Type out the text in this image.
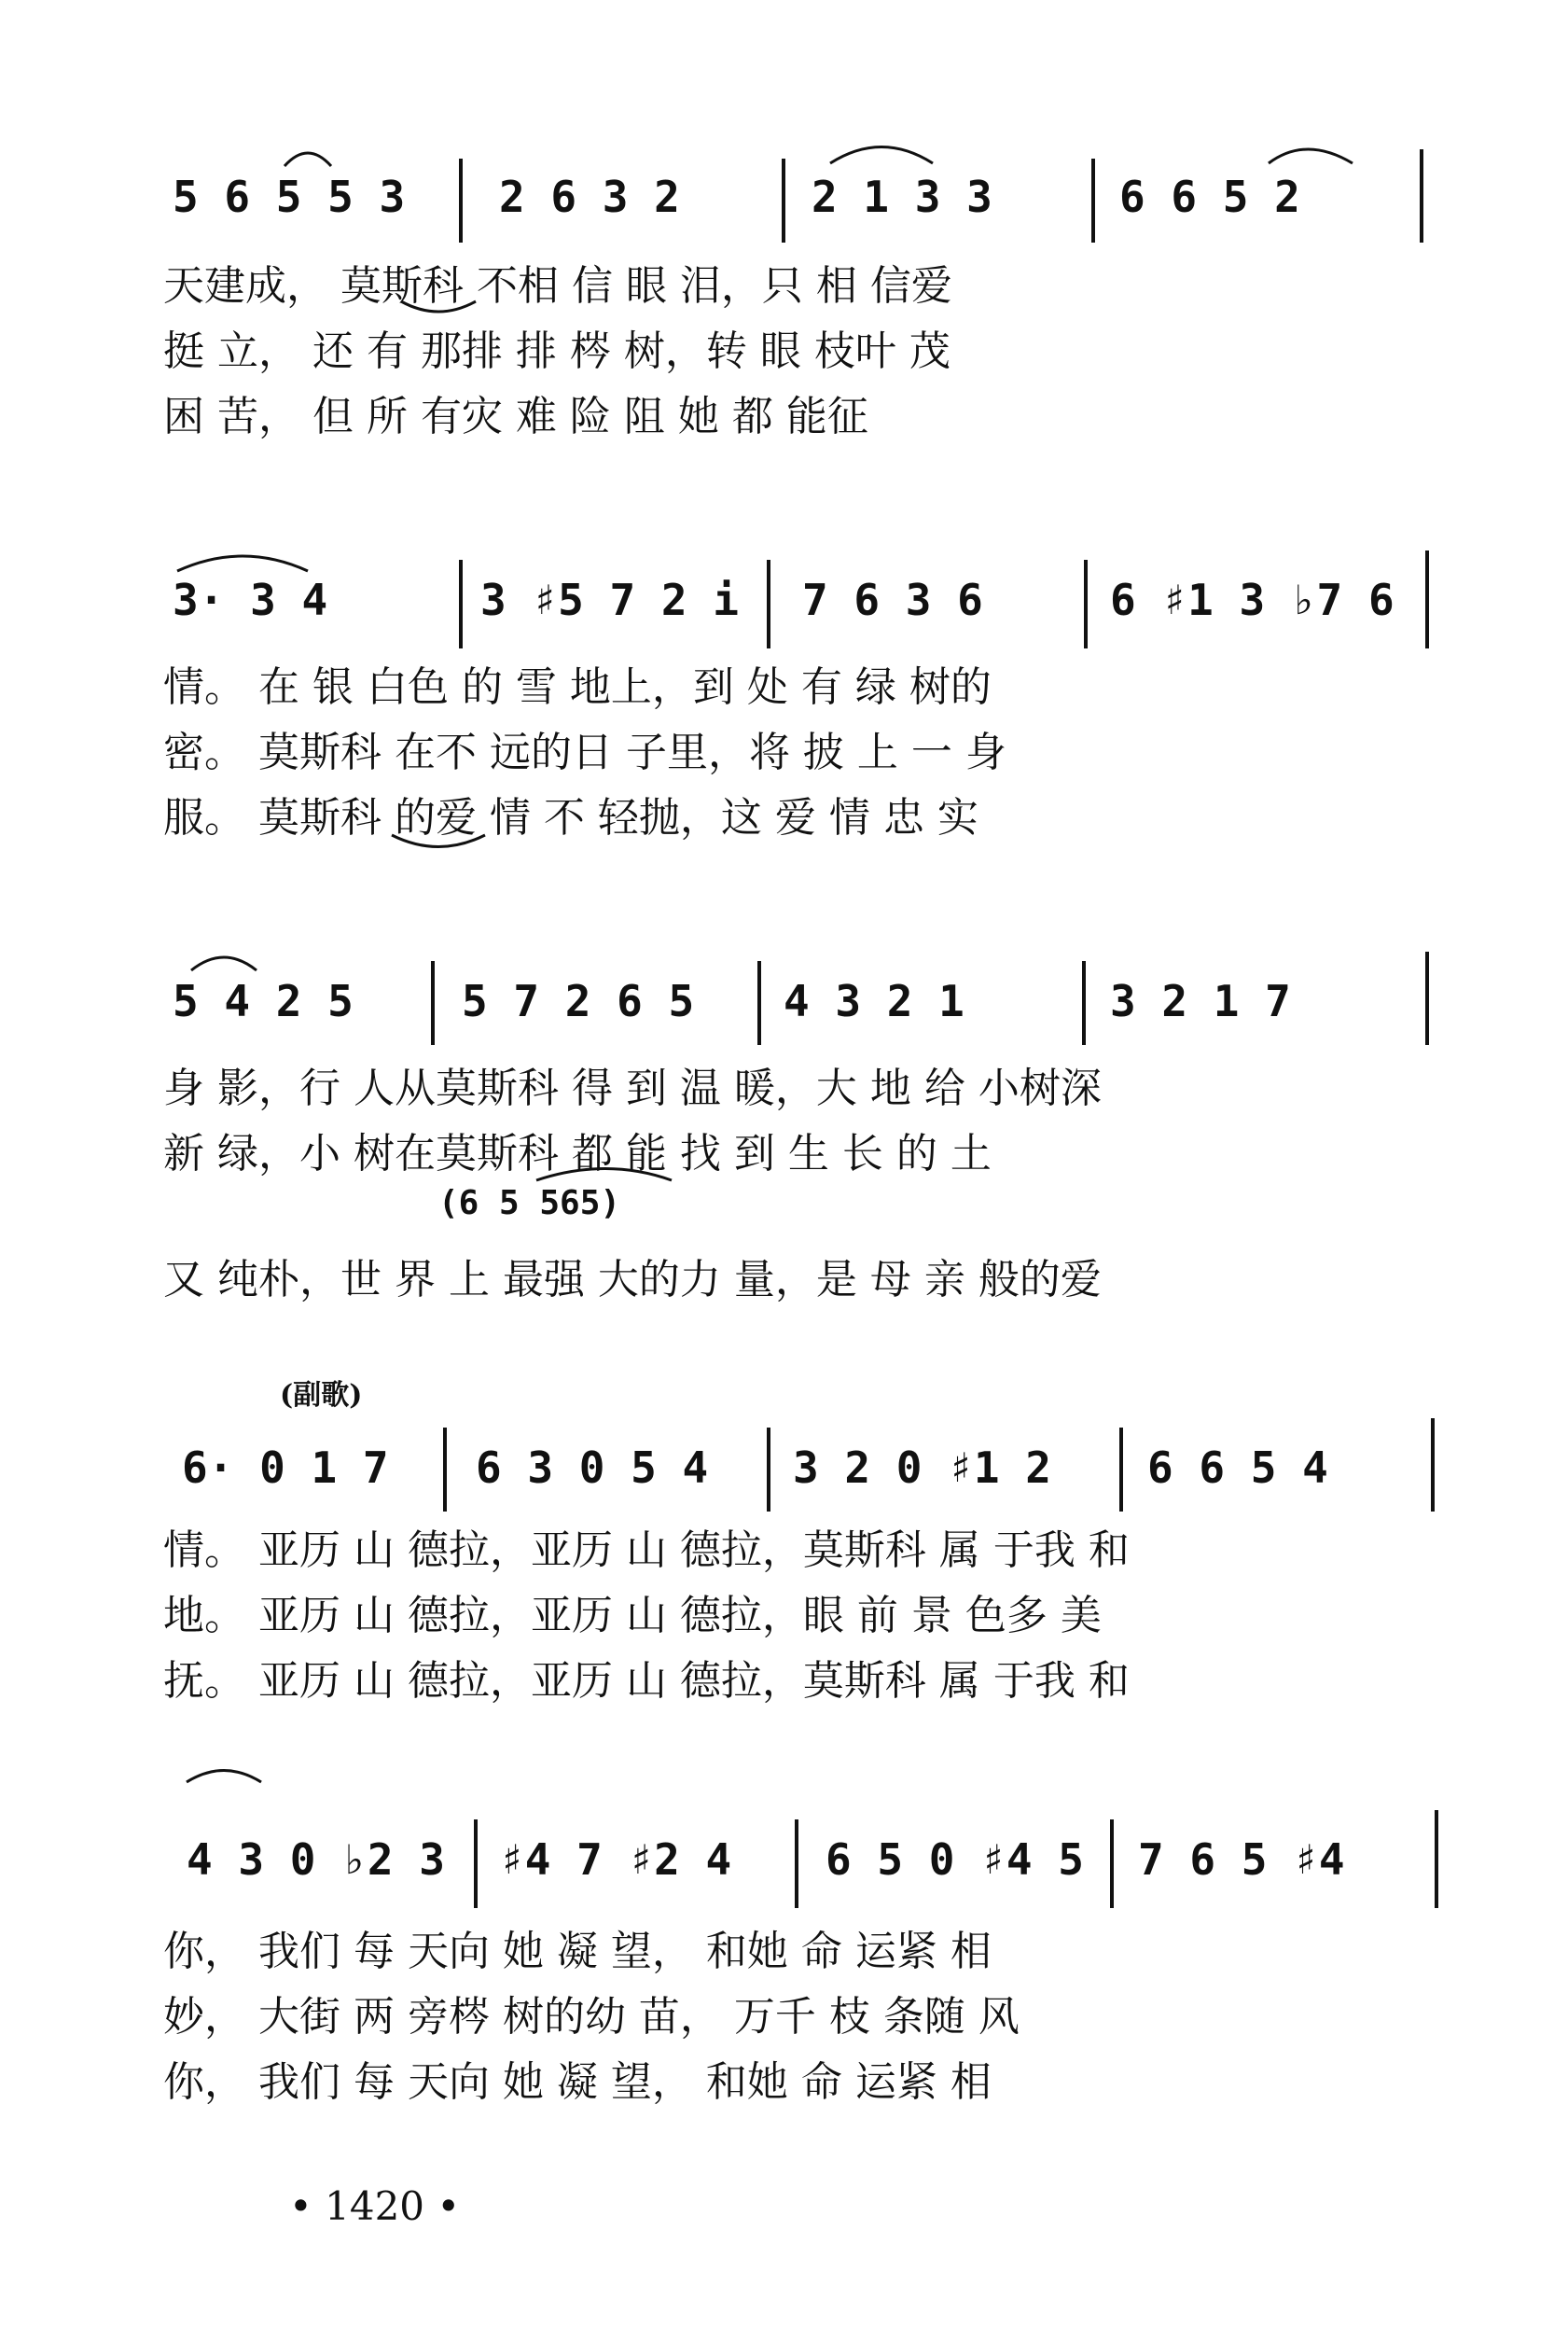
5 6 5 5 3 2 6 3 2	2 1 3 3	6 6 5 2
天建成， 莫斯科 不相 信 眼 泪，只 相 信爱
挺 立， 还 有 那排 排 梣 树，转 眼 枝叶 茂
困 苦， 但 所 有灾 难 险 阻 她 都 能征
3· 3 4	3 ♯5 7 2 i 7 6 3 6	6 ♯1 3 ♭7 6
情。 在 银 白色 的 雪 地上，到 处 有 绿 树的
密。 莫斯科 在不 远的日 子里，将 披 上 一 身
服。 莫斯科 的爱 情 不 轻抛，这 爱 情 忠 实
5 4 2 5	5 7 2 6 5 4 3 2 1	3 2 1 7
身 影，行 人从莫斯科 得 到 温 暖，大 地 给 小树深
新 绿，小 树在莫斯科 都 能 找 到 生 长 的 土
(6 5 565)
又 纯朴，世 界 上 最强 大的力 量，是 母 亲 般的爱
(副歌)
6· 0 1 7 6 3 0 5 4 3 2 0 ♯1 2 6 6 5 4
情。 亚历 山 德拉，亚历 山 德拉，莫斯科 属 于我 和
地。 亚历 山 德拉，亚历 山 德拉，眼 前 景 色多 美
抚。 亚历 山 德拉，亚历 山 德拉，莫斯科 属 于我 和
4 3 0 ♭2 3 ♯4 7 ♯2 4 6 5 0 ♯4 5 7 6 5 ♯4
你， 我们 每 天向 她 凝 望， 和她 命 运紧 相
妙， 大街 两 旁梣 树的幼 苗， 万千 枝 条随 风
你， 我们 每 天向 她 凝 望， 和她 命 运紧 相
• 1420 •
